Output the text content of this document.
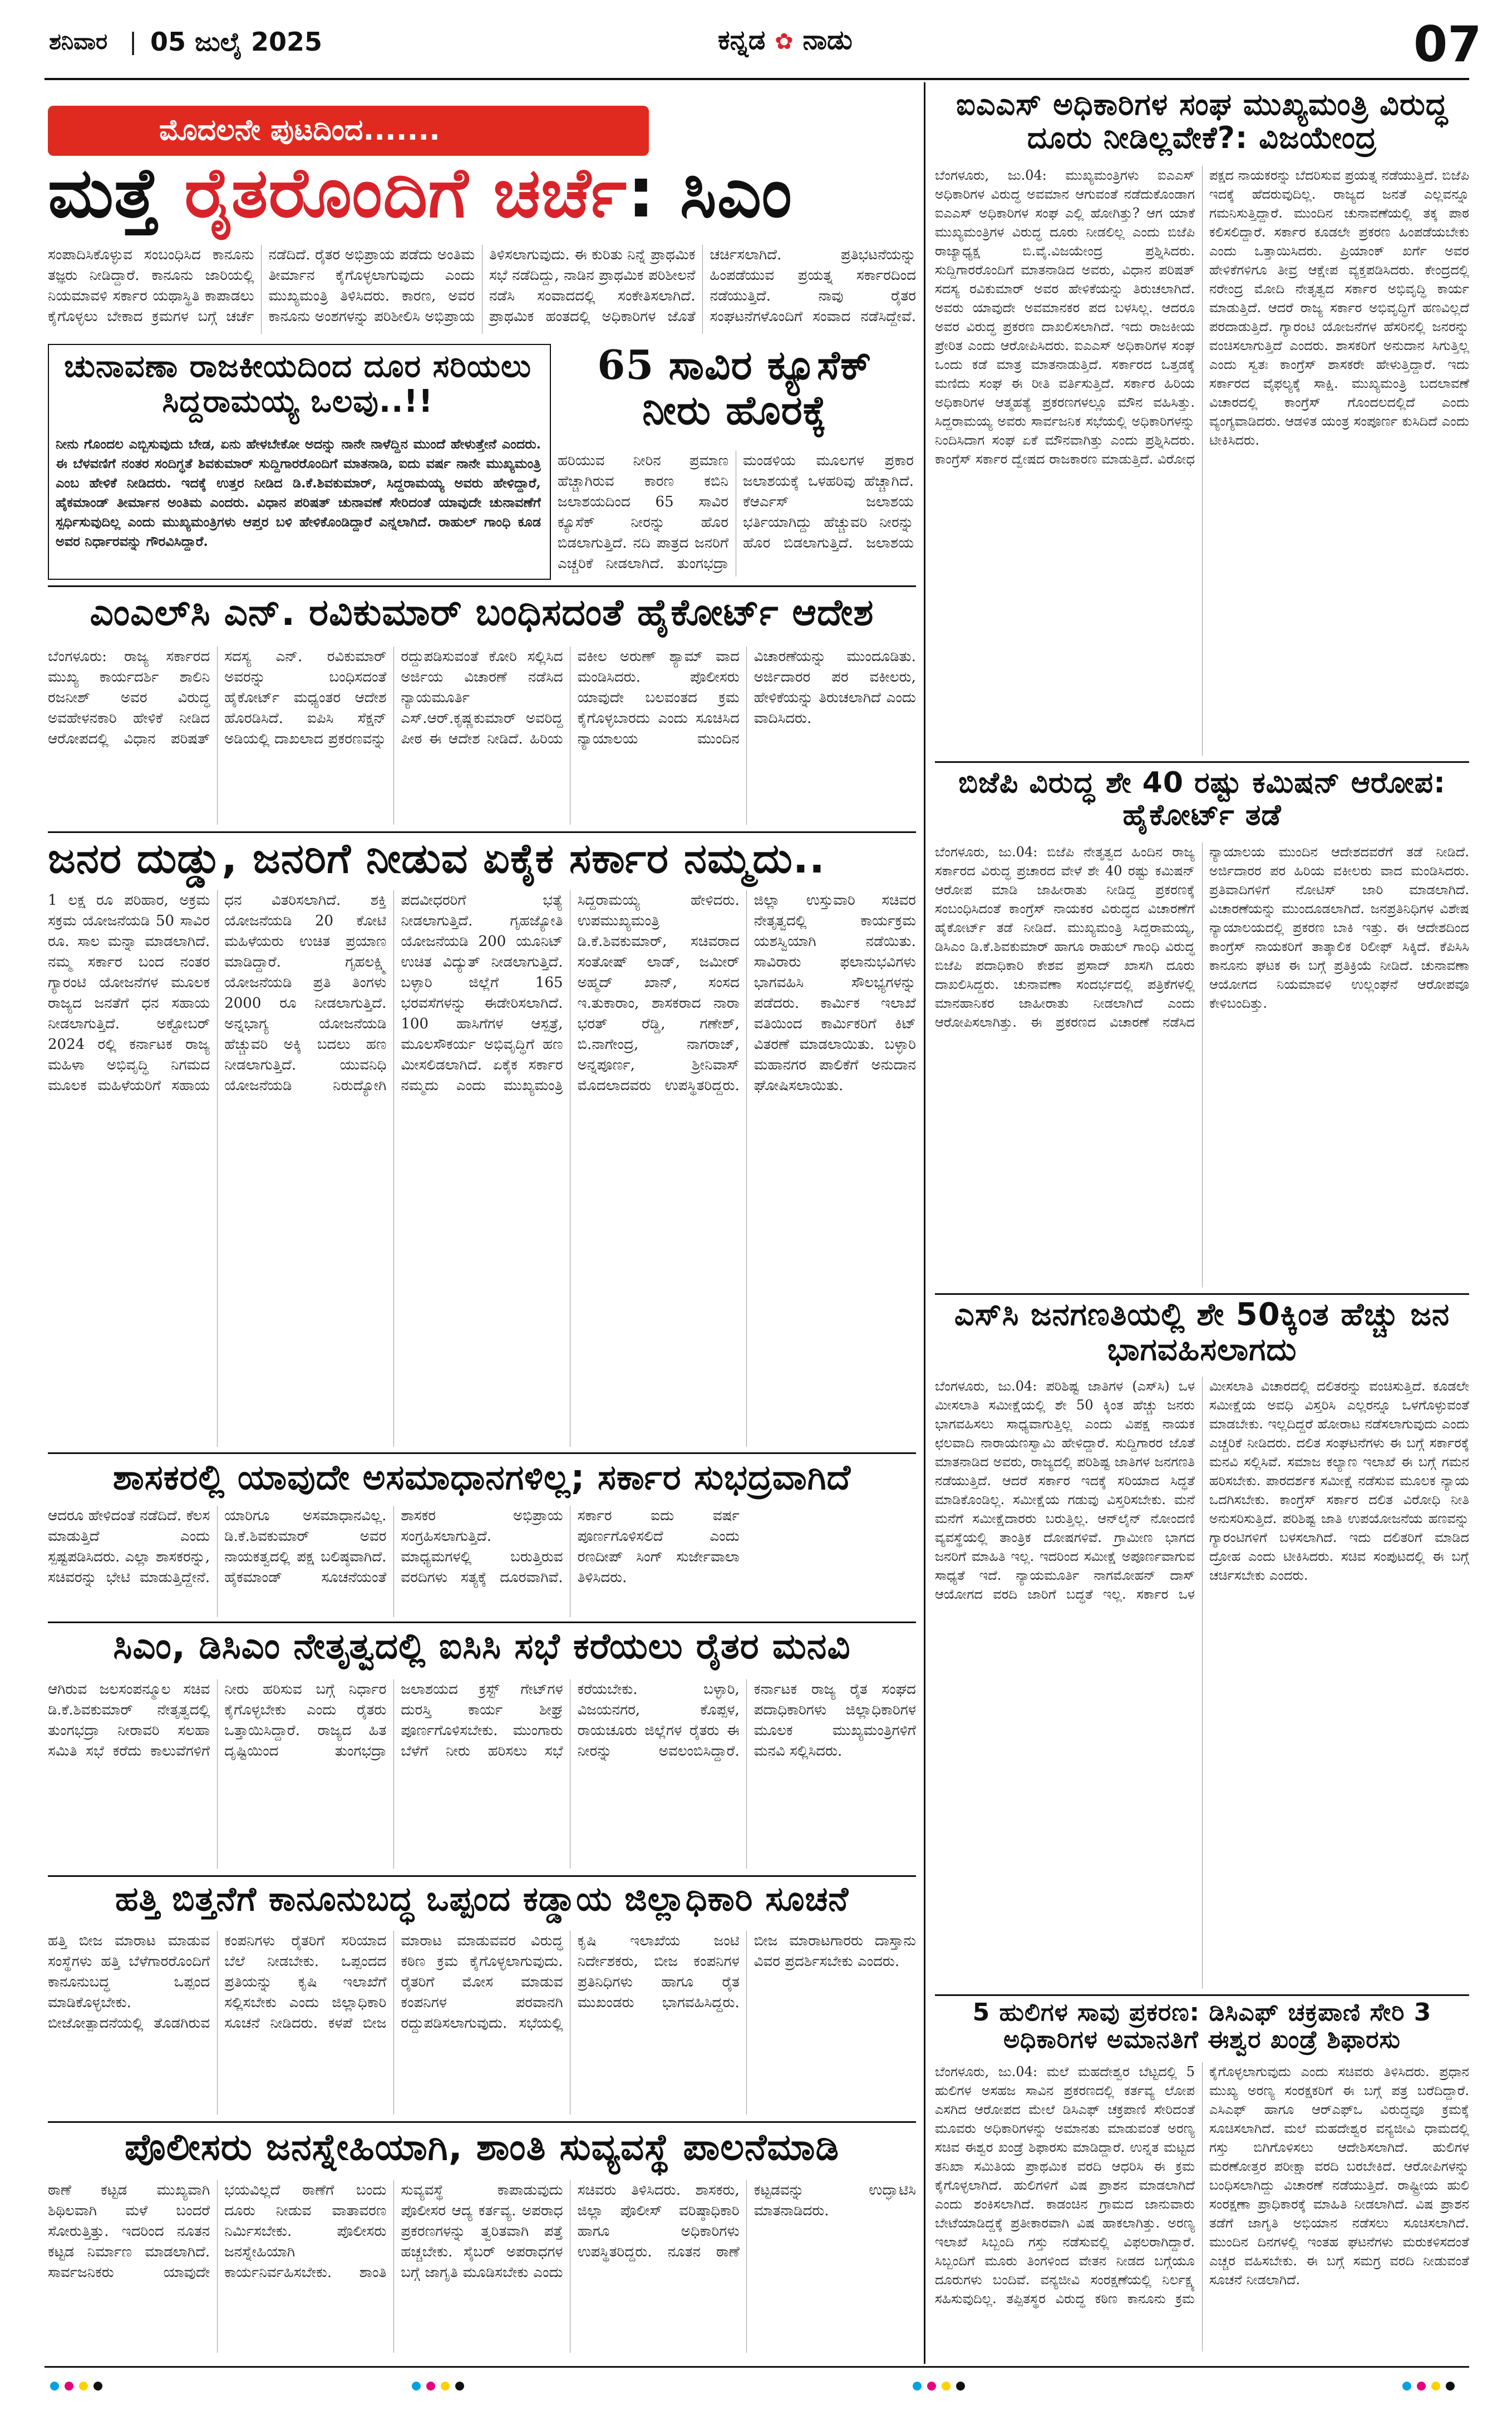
ಶನಿವಾರ | 05 ಜುಲೈ 2025	ಕನ್ನಡ ✿ ನಾಡು	07
ಮೊದಲನೇ ಪುಟದಿಂದ.......
ಮತ್ತೆ ರೈತರೊಂದಿಗೆ ಚರ್ಚೆ: ಸಿಎಂ
ಸಂಪಾದಿಸಿಕೊಳ್ಳುವ ಸಂಬಂಧಿಸಿದ ಕಾನೂನು ತಜ್ಞರು ನೀಡಿದ್ದಾರೆ. ಕಾನೂನು ಜಾರಿಯಲ್ಲಿ ನಿಯಮಾವಳಿ ಸರ್ಕಾರ ಯಥಾಸ್ಥಿತಿ ಕಾಪಾಡಲು ಕೈಗೊಳ್ಳಲು ಬೇಕಾದ ಕ್ರಮಗಳ ಬಗ್ಗೆ ಚರ್ಚೆ ನಡೆದಿದೆ. ರೈತರ ಅಭಿಪ್ರಾಯ ಪಡೆದು ಅಂತಿಮ ತೀರ್ಮಾನ ಕೈಗೊಳ್ಳಲಾಗುವುದು ಎಂದು ಮುಖ್ಯಮಂತ್ರಿ ತಿಳಿಸಿದರು. ಕಾರಣ, ಅವರ ಕಾನೂನು ಅಂಶಗಳನ್ನು ಪರಿಶೀಲಿಸಿ ಅಭಿಪ್ರಾಯ ತಿಳಿಸಲಾಗುವುದು. ಈ ಕುರಿತು ನಿನ್ನೆ ಪ್ರಾಥಮಿಕ ಸಭೆ ನಡೆದಿದ್ದು, ನಾಡಿನ ಪ್ರಾಥಮಿಕ ಪರಿಶೀಲನೆ ನಡೆಸಿ ಸಂವಾದದಲ್ಲಿ ಸಂಕೇತಿಸಲಾಗಿದೆ. ಪ್ರಾಥಮಿಕ ಹಂತದಲ್ಲಿ ಅಧಿಕಾರಿಗಳ ಜೊತೆ ಚರ್ಚಿಸಲಾಗಿದೆ. ಪ್ರತಿಭಟನೆಯನ್ನು ಹಿಂಪಡೆಯುವ ಪ್ರಯತ್ನ ಸರ್ಕಾರದಿಂದ ನಡೆಯುತ್ತಿದೆ. ನಾವು ರೈತರ ಸಂಘಟನೆಗಳೊಂದಿಗೆ ಸಂವಾದ ನಡೆಸಿದ್ದೇವೆ.
ಚುನಾವಣಾ ರಾಜಕೀಯದಿಂದ ದೂರ ಸರಿಯಲು ಸಿದ್ದರಾಮಯ್ಯ ಒಲವು..!!
ನೀನು ಗೊಂದಲ ಎಬ್ಬಿಸುವುದು ಬೇಡ, ಏನು ಹೇಳಬೇಕೋ ಅದನ್ನು ನಾನೇ ನಾಳೆದ್ದಿನ ಮುಂದೆ ಹೇಳುತ್ತೇನೆ ಎಂದರು. ಈ ಬೆಳವಣಿಗೆ ನಂತರ ಸಂದಿಗ್ಧತೆ ಶಿವಕುಮಾರ್ ಸುದ್ದಿಗಾರರೊಂದಿಗೆ ಮಾತನಾಡಿ, ಐದು ವರ್ಷ ನಾನೇ ಮುಖ್ಯಮಂತ್ರಿ ಎಂಬ ಹೇಳಿಕೆ ನೀಡಿದರು. ಇದಕ್ಕೆ ಉತ್ತರ ನೀಡಿದ ಡಿ.ಕೆ.ಶಿವಕುಮಾರ್, ಸಿದ್ದರಾಮಯ್ಯ ಅವರು ಹೇಳಿದ್ದಾರೆ, ಹೈಕಮಾಂಡ್ ತೀರ್ಮಾನ ಅಂತಿಮ ಎಂದರು. ವಿಧಾನ ಪರಿಷತ್ ಚುನಾವಣೆ ಸೇರಿದಂತೆ ಯಾವುದೇ ಚುನಾವಣೆಗೆ ಸ್ಪರ್ಧಿಸುವುದಿಲ್ಲ ಎಂದು ಮುಖ್ಯಮಂತ್ರಿಗಳು ಆಪ್ತರ ಬಳಿ ಹೇಳಿಕೊಂಡಿದ್ದಾರೆ ಎನ್ನಲಾಗಿದೆ. ರಾಹುಲ್ ಗಾಂಧಿ ಕೂಡ ಅವರ ನಿರ್ಧಾರವನ್ನು ಗೌರವಿಸಿದ್ದಾರೆ.
65 ಸಾವಿರ ಕ್ಯೂಸೆಕ್ ನೀರು ಹೊರಕ್ಕೆ
ಹರಿಯುವ ನೀರಿನ ಪ್ರಮಾಣ ಹೆಚ್ಚಾಗಿರುವ ಕಾರಣ ಕಬಿನಿ ಜಲಾಶಯದಿಂದ 65 ಸಾವಿರ ಕ್ಯೂಸೆಕ್ ನೀರನ್ನು ಹೊರ ಬಿಡಲಾಗುತ್ತಿದೆ. ನದಿ ಪಾತ್ರದ ಜನರಿಗೆ ಎಚ್ಚರಿಕೆ ನೀಡಲಾಗಿದೆ. ತುಂಗಭದ್ರಾ ಮಂಡಳಿಯ ಮೂಲಗಳ ಪ್ರಕಾರ ಜಲಾಶಯಕ್ಕೆ ಒಳಹರಿವು ಹೆಚ್ಚಾಗಿದೆ. ಕೆಆರ್ಎಸ್ ಜಲಾಶಯ ಭರ್ತಿಯಾಗಿದ್ದು ಹೆಚ್ಚುವರಿ ನೀರನ್ನು ಹೊರ ಬಿಡಲಾಗುತ್ತಿದೆ. ಜಲಾಶಯ
ಎಂಎಲ್‌ಸಿ ಎನ್. ರವಿಕುಮಾರ್ ಬಂಧಿಸದಂತೆ ಹೈಕೋರ್ಟ್ ಆದೇಶ
ಬೆಂಗಳೂರು: ರಾಜ್ಯ ಸರ್ಕಾರದ ಮುಖ್ಯ ಕಾರ್ಯದರ್ಶಿ ಶಾಲಿನಿ ರಜನೀಶ್ ಅವರ ವಿರುದ್ಧ ಅವಹೇಳನಕಾರಿ ಹೇಳಿಕೆ ನೀಡಿದ ಆರೋಪದಲ್ಲಿ ವಿಧಾನ ಪರಿಷತ್ ಸದಸ್ಯ ಎನ್. ರವಿಕುಮಾರ್ ಅವರನ್ನು ಬಂಧಿಸದಂತೆ ಹೈಕೋರ್ಟ್ ಮಧ್ಯಂತರ ಆದೇಶ ಹೊರಡಿಸಿದೆ. ಐಪಿಸಿ ಸೆಕ್ಷನ್ ಅಡಿಯಲ್ಲಿ ದಾಖಲಾದ ಪ್ರಕರಣವನ್ನು ರದ್ದುಪಡಿಸುವಂತೆ ಕೋರಿ ಸಲ್ಲಿಸಿದ ಅರ್ಜಿಯ ವಿಚಾರಣೆ ನಡೆಸಿದ ನ್ಯಾಯಮೂರ್ತಿ ಎಸ್.ಆರ್.ಕೃಷ್ಣಕುಮಾರ್ ಅವರಿದ್ದ ಪೀಠ ಈ ಆದೇಶ ನೀಡಿದೆ. ಹಿರಿಯ ವಕೀಲ ಅರುಣ್ ಶ್ಯಾಮ್ ವಾದ ಮಂಡಿಸಿದರು. ಪೊಲೀಸರು ಯಾವುದೇ ಬಲವಂತದ ಕ್ರಮ ಕೈಗೊಳ್ಳಬಾರದು ಎಂದು ಸೂಚಿಸಿದ ನ್ಯಾಯಾಲಯ ಮುಂದಿನ ವಿಚಾರಣೆಯನ್ನು ಮುಂದೂಡಿತು. ಅರ್ಜಿದಾರರ ಪರ ವಕೀಲರು, ಹೇಳಿಕೆಯನ್ನು ತಿರುಚಲಾಗಿದೆ ಎಂದು ವಾದಿಸಿದರು.
ಜನರ ದುಡ್ಡು, ಜನರಿಗೆ ನೀಡುವ ಏಕೈಕ ಸರ್ಕಾರ ನಮ್ಮದು..
1 ಲಕ್ಷ ರೂ ಪರಿಹಾರ, ಅಕ್ರಮ ಸಕ್ರಮ ಯೋಜನೆಯಡಿ 50 ಸಾವಿರ ರೂ. ಸಾಲ ಮನ್ನಾ ಮಾಡಲಾಗಿದೆ. ನಮ್ಮ ಸರ್ಕಾರ ಬಂದ ನಂತರ ಗ್ಯಾರಂಟಿ ಯೋಜನೆಗಳ ಮೂಲಕ ರಾಜ್ಯದ ಜನತೆಗೆ ಧನ ಸಹಾಯ ನೀಡಲಾಗುತ್ತಿದೆ. ಅಕ್ಟೋಬರ್ 2024 ರಲ್ಲಿ ಕರ್ನಾಟಕ ರಾಜ್ಯ ಮಹಿಳಾ ಅಭಿವೃದ್ಧಿ ನಿಗಮದ ಮೂಲಕ ಮಹಿಳೆಯರಿಗೆ ಸಹಾಯ ಧನ ವಿತರಿಸಲಾಗಿದೆ. ಶಕ್ತಿ ಯೋಜನೆಯಡಿ 20 ಕೋಟಿ ಮಹಿಳೆಯರು ಉಚಿತ ಪ್ರಯಾಣ ಮಾಡಿದ್ದಾರೆ. ಗೃಹಲಕ್ಷ್ಮಿ ಯೋಜನೆಯಡಿ ಪ್ರತಿ ತಿಂಗಳು 2000 ರೂ ನೀಡಲಾಗುತ್ತಿದೆ. ಅನ್ನಭಾಗ್ಯ ಯೋಜನೆಯಡಿ ಹೆಚ್ಚುವರಿ ಅಕ್ಕಿ ಬದಲು ಹಣ ನೀಡಲಾಗುತ್ತಿದೆ. ಯುವನಿಧಿ ಯೋಜನೆಯಡಿ ನಿರುದ್ಯೋಗಿ ಪದವೀಧರರಿಗೆ ಭತ್ಯೆ ನೀಡಲಾಗುತ್ತಿದೆ. ಗೃಹಜ್ಯೋತಿ ಯೋಜನೆಯಡಿ 200 ಯೂನಿಟ್ ಉಚಿತ ವಿದ್ಯುತ್ ನೀಡಲಾಗುತ್ತಿದೆ. ಬಳ್ಳಾರಿ ಜಿಲ್ಲೆಗೆ 165 ಭರವಸೆಗಳನ್ನು ಈಡೇರಿಸಲಾಗಿದೆ. 100 ಹಾಸಿಗೆಗಳ ಆಸ್ಪತ್ರೆ, ಮೂಲಸೌಕರ್ಯ ಅಭಿವೃದ್ಧಿಗೆ ಹಣ ಮೀಸಲಿಡಲಾಗಿದೆ. ಏಕೈಕ ಸರ್ಕಾರ ನಮ್ಮದು ಎಂದು ಮುಖ್ಯಮಂತ್ರಿ ಸಿದ್ದರಾಮಯ್ಯ ಹೇಳಿದರು. ಉಪಮುಖ್ಯಮಂತ್ರಿ ಡಿ.ಕೆ.ಶಿವಕುಮಾರ್, ಸಚಿವರಾದ ಸಂತೋಷ್ ಲಾಡ್, ಜಮೀರ್ ಅಹ್ಮದ್ ಖಾನ್, ಸಂಸದ ಇ.ತುಕಾರಾಂ, ಶಾಸಕರಾದ ನಾರಾ ಭರತ್ ರೆಡ್ಡಿ, ಗಣೇಶ್, ಬಿ.ನಾಗೇಂದ್ರ, ನಾಗರಾಜ್, ಅನ್ನಪೂರ್ಣ, ಶ್ರೀನಿವಾಸ್ ಮೊದಲಾದವರು ಉಪಸ್ಥಿತರಿದ್ದರು. ಜಿಲ್ಲಾ ಉಸ್ತುವಾರಿ ಸಚಿವರ ನೇತೃತ್ವದಲ್ಲಿ ಕಾರ್ಯಕ್ರಮ ಯಶಸ್ವಿಯಾಗಿ ನಡೆಯಿತು. ಸಾವಿರಾರು ಫಲಾನುಭವಿಗಳು ಭಾಗವಹಿಸಿ ಸೌಲಭ್ಯಗಳನ್ನು ಪಡೆದರು. ಕಾರ್ಮಿಕ ಇಲಾಖೆ ವತಿಯಿಂದ ಕಾರ್ಮಿಕರಿಗೆ ಕಿಟ್ ವಿತರಣೆ ಮಾಡಲಾಯಿತು. ಬಳ್ಳಾರಿ ಮಹಾನಗರ ಪಾಲಿಕೆಗೆ ಅನುದಾನ ಘೋಷಿಸಲಾಯಿತು.
ಶಾಸಕರಲ್ಲಿ ಯಾವುದೇ ಅಸಮಾಧಾನಗಳಿಲ್ಲ; ಸರ್ಕಾರ ಸುಭದ್ರವಾಗಿದೆ
ಆದರೂ ಹೇಳಿದಂತೆ ನಡೆದಿದೆ. ಕೆಲಸ ಮಾಡುತ್ತಿದೆ ಎಂದು ಸ್ಪಷ್ಟಪಡಿಸಿದರು. ಎಲ್ಲಾ ಶಾಸಕರನ್ನು, ಸಚಿವರನ್ನು ಭೇಟಿ ಮಾಡುತ್ತಿದ್ದೇನೆ. ಯಾರಿಗೂ ಅಸಮಾಧಾನವಿಲ್ಲ. ಡಿ.ಕೆ.ಶಿವಕುಮಾರ್ ಅವರ ನಾಯಕತ್ವದಲ್ಲಿ ಪಕ್ಷ ಬಲಿಷ್ಠವಾಗಿದೆ. ಹೈಕಮಾಂಡ್ ಸೂಚನೆಯಂತೆ ಶಾಸಕರ ಅಭಿಪ್ರಾಯ ಸಂಗ್ರಹಿಸಲಾಗುತ್ತಿದೆ. ಮಾಧ್ಯಮಗಳಲ್ಲಿ ಬರುತ್ತಿರುವ ವರದಿಗಳು ಸತ್ಯಕ್ಕೆ ದೂರವಾಗಿವೆ. ಸರ್ಕಾರ ಐದು ವರ್ಷ ಪೂರ್ಣಗೊಳಿಸಲಿದೆ ಎಂದು ರಣದೀಪ್ ಸಿಂಗ್ ಸುರ್ಜೇವಾಲಾ ತಿಳಿಸಿದರು.
ಸಿಎಂ, ಡಿಸಿಎಂ ನೇತೃತ್ವದಲ್ಲಿ ಐಸಿಸಿ ಸಭೆ ಕರೆಯಲು ರೈತರ ಮನವಿ
ಆಗಿರುವ ಜಲಸಂಪನ್ಮೂಲ ಸಚಿವ ಡಿ.ಕೆ.ಶಿವಕುಮಾರ್ ನೇತೃತ್ವದಲ್ಲಿ ತುಂಗಭದ್ರಾ ನೀರಾವರಿ ಸಲಹಾ ಸಮಿತಿ ಸಭೆ ಕರೆದು ಕಾಲುವೆಗಳಿಗೆ ನೀರು ಹರಿಸುವ ಬಗ್ಗೆ ನಿರ್ಧಾರ ಕೈಗೊಳ್ಳಬೇಕು ಎಂದು ರೈತರು ಒತ್ತಾಯಿಸಿದ್ದಾರೆ. ರಾಜ್ಯದ ಹಿತ ದೃಷ್ಟಿಯಿಂದ ತುಂಗಭದ್ರಾ ಜಲಾಶಯದ ಕ್ರಸ್ಟ್ ಗೇಟ್‌ಗಳ ದುರಸ್ತಿ ಕಾರ್ಯ ಶೀಘ್ರ ಪೂರ್ಣಗೊಳಿಸಬೇಕು. ಮುಂಗಾರು ಬೆಳೆಗೆ ನೀರು ಹರಿಸಲು ಸಭೆ ಕರೆಯಬೇಕು. ಬಳ್ಳಾರಿ, ವಿಜಯನಗರ, ಕೊಪ್ಪಳ, ರಾಯಚೂರು ಜಿಲ್ಲೆಗಳ ರೈತರು ಈ ನೀರನ್ನು ಅವಲಂಬಿಸಿದ್ದಾರೆ. ಕರ್ನಾಟಕ ರಾಜ್ಯ ರೈತ ಸಂಘದ ಪದಾಧಿಕಾರಿಗಳು ಜಿಲ್ಲಾಧಿಕಾರಿಗಳ ಮೂಲಕ ಮುಖ್ಯಮಂತ್ರಿಗಳಿಗೆ ಮನವಿ ಸಲ್ಲಿಸಿದರು.
ಹತ್ತಿ ಬಿತ್ತನೆಗೆ ಕಾನೂನುಬದ್ಧ ಒಪ್ಪಂದ ಕಡ್ಡಾಯ ಜಿಲ್ಲಾಧಿಕಾರಿ ಸೂಚನೆ
ಹತ್ತಿ ಬೀಜ ಮಾರಾಟ ಮಾಡುವ ಸಂಸ್ಥೆಗಳು ಹತ್ತಿ ಬೆಳೆಗಾರರೊಂದಿಗೆ ಕಾನೂನುಬದ್ಧ ಒಪ್ಪಂದ ಮಾಡಿಕೊಳ್ಳಬೇಕು. ಬೀಜೋತ್ಪಾದನೆಯಲ್ಲಿ ತೊಡಗಿರುವ ಕಂಪನಿಗಳು ರೈತರಿಗೆ ಸರಿಯಾದ ಬೆಲೆ ನೀಡಬೇಕು. ಒಪ್ಪಂದದ ಪ್ರತಿಯನ್ನು ಕೃಷಿ ಇಲಾಖೆಗೆ ಸಲ್ಲಿಸಬೇಕು ಎಂದು ಜಿಲ್ಲಾಧಿಕಾರಿ ಸೂಚನೆ ನೀಡಿದರು. ಕಳಪೆ ಬೀಜ ಮಾರಾಟ ಮಾಡುವವರ ವಿರುದ್ಧ ಕಠಿಣ ಕ್ರಮ ಕೈಗೊಳ್ಳಲಾಗುವುದು. ರೈತರಿಗೆ ಮೋಸ ಮಾಡುವ ಕಂಪನಿಗಳ ಪರವಾನಗಿ ರದ್ದುಪಡಿಸಲಾಗುವುದು. ಸಭೆಯಲ್ಲಿ ಕೃಷಿ ಇಲಾಖೆಯ ಜಂಟಿ ನಿರ್ದೇಶಕರು, ಬೀಜ ಕಂಪನಿಗಳ ಪ್ರತಿನಿಧಿಗಳು ಹಾಗೂ ರೈತ ಮುಖಂಡರು ಭಾಗವಹಿಸಿದ್ದರು. ಬೀಜ ಮಾರಾಟಗಾರರು ದಾಸ್ತಾನು ವಿವರ ಪ್ರದರ್ಶಿಸಬೇಕು ಎಂದರು.
ಪೊಲೀಸರು ಜನಸ್ನೇಹಿಯಾಗಿ, ಶಾಂತಿ ಸುವ್ಯವಸ್ಥೆ ಪಾಲನೆಮಾಡಿ
ಠಾಣೆ ಕಟ್ಟಡ ಮುಖ್ಯವಾಗಿ ಶಿಥಿಲವಾಗಿ ಮಳೆ ಬಂದರೆ ಸೋರುತ್ತಿತ್ತು. ಇದರಿಂದ ನೂತನ ಕಟ್ಟಡ ನಿರ್ಮಾಣ ಮಾಡಲಾಗಿದೆ. ಸಾರ್ವಜನಿಕರು ಯಾವುದೇ ಭಯವಿಲ್ಲದೆ ಠಾಣೆಗೆ ಬಂದು ದೂರು ನೀಡುವ ವಾತಾವರಣ ನಿರ್ಮಿಸಬೇಕು. ಪೊಲೀಸರು ಜನಸ್ನೇಹಿಯಾಗಿ ಕಾರ್ಯನಿರ್ವಹಿಸಬೇಕು. ಶಾಂತಿ ಸುವ್ಯವಸ್ಥೆ ಕಾಪಾಡುವುದು ಪೊಲೀಸರ ಆದ್ಯ ಕರ್ತವ್ಯ. ಅಪರಾಧ ಪ್ರಕರಣಗಳನ್ನು ತ್ವರಿತವಾಗಿ ಪತ್ತೆ ಹಚ್ಚಬೇಕು. ಸೈಬರ್ ಅಪರಾಧಗಳ ಬಗ್ಗೆ ಜಾಗೃತಿ ಮೂಡಿಸಬೇಕು ಎಂದು ಸಚಿವರು ತಿಳಿಸಿದರು. ಶಾಸಕರು, ಜಿಲ್ಲಾ ಪೊಲೀಸ್ ವರಿಷ್ಠಾಧಿಕಾರಿ ಹಾಗೂ ಅಧಿಕಾರಿಗಳು ಉಪಸ್ಥಿತರಿದ್ದರು. ನೂತನ ಠಾಣೆ ಕಟ್ಟಡವನ್ನು ಉದ್ಘಾಟಿಸಿ ಮಾತನಾಡಿದರು.
ಐಎಎಸ್ ಅಧಿಕಾರಿಗಳ ಸಂಘ ಮುಖ್ಯಮಂತ್ರಿ ವಿರುದ್ಧ ದೂರು ನೀಡಿಲ್ಲವೇಕೆ?: ವಿಜಯೇಂದ್ರ
ಬೆಂಗಳೂರು, ಜು.04: ಮುಖ್ಯಮಂತ್ರಿಗಳು ಐಎಎಸ್ ಅಧಿಕಾರಿಗಳ ವಿರುದ್ಧ ಅವಮಾನ ಆಗುವಂತೆ ನಡೆದುಕೊಂಡಾಗ ಐಎಎಸ್ ಅಧಿಕಾರಿಗಳ ಸಂಘ ಎಲ್ಲಿ ಹೋಗಿತ್ತು? ಆಗ ಯಾಕೆ ಮುಖ್ಯಮಂತ್ರಿಗಳ ವಿರುದ್ಧ ದೂರು ನೀಡಲಿಲ್ಲ ಎಂದು ಬಿಜೆಪಿ ರಾಜ್ಯಾಧ್ಯಕ್ಷ ಬಿ.ವೈ.ವಿಜಯೇಂದ್ರ ಪ್ರಶ್ನಿಸಿದರು. ಸುದ್ದಿಗಾರರೊಂದಿಗೆ ಮಾತನಾಡಿದ ಅವರು, ವಿಧಾನ ಪರಿಷತ್ ಸದಸ್ಯ ರವಿಕುಮಾರ್ ಅವರ ಹೇಳಿಕೆಯನ್ನು ತಿರುಚಲಾಗಿದೆ. ಅವರು ಯಾವುದೇ ಅವಮಾನಕರ ಪದ ಬಳಸಿಲ್ಲ. ಆದರೂ ಅವರ ವಿರುದ್ಧ ಪ್ರಕರಣ ದಾಖಲಿಸಲಾಗಿದೆ. ಇದು ರಾಜಕೀಯ ಪ್ರೇರಿತ ಎಂದು ಆರೋಪಿಸಿದರು. ಐಎಎಸ್ ಅಧಿಕಾರಿಗಳ ಸಂಘ ಒಂದು ಕಡೆ ಮಾತ್ರ ಮಾತನಾಡುತ್ತಿದೆ. ಸರ್ಕಾರದ ಒತ್ತಡಕ್ಕೆ ಮಣಿದು ಸಂಘ ಈ ರೀತಿ ವರ್ತಿಸುತ್ತಿದೆ. ಸರ್ಕಾರ ಹಿರಿಯ ಅಧಿಕಾರಿಗಳ ಆತ್ಮಹತ್ಯೆ ಪ್ರಕರಣಗಳಲ್ಲೂ ಮೌನ ವಹಿಸಿತ್ತು. ಸಿದ್ದರಾಮಯ್ಯ ಅವರು ಸಾರ್ವಜನಿಕ ಸಭೆಯಲ್ಲಿ ಅಧಿಕಾರಿಗಳನ್ನು ನಿಂದಿಸಿದಾಗ ಸಂಘ ಏಕೆ ಮೌನವಾಗಿತ್ತು ಎಂದು ಪ್ರಶ್ನಿಸಿದರು. ಕಾಂಗ್ರೆಸ್ ಸರ್ಕಾರ ದ್ವೇಷದ ರಾಜಕಾರಣ ಮಾಡುತ್ತಿದೆ. ವಿರೋಧ ಪಕ್ಷದ ನಾಯಕರನ್ನು ಬೆದರಿಸುವ ಪ್ರಯತ್ನ ನಡೆಯುತ್ತಿದೆ. ಬಿಜೆಪಿ ಇದಕ್ಕೆ ಹೆದರುವುದಿಲ್ಲ. ರಾಜ್ಯದ ಜನತೆ ಎಲ್ಲವನ್ನೂ ಗಮನಿಸುತ್ತಿದ್ದಾರೆ. ಮುಂದಿನ ಚುನಾವಣೆಯಲ್ಲಿ ತಕ್ಕ ಪಾಠ ಕಲಿಸಲಿದ್ದಾರೆ. ಸರ್ಕಾರ ಕೂಡಲೇ ಪ್ರಕರಣ ಹಿಂಪಡೆಯಬೇಕು ಎಂದು ಒತ್ತಾಯಿಸಿದರು. ಪ್ರಿಯಾಂಕ್ ಖರ್ಗೆ ಅವರ ಹೇಳಿಕೆಗಳಿಗೂ ತೀವ್ರ ಆಕ್ಷೇಪ ವ್ಯಕ್ತಪಡಿಸಿದರು. ಕೇಂದ್ರದಲ್ಲಿ ನರೇಂದ್ರ ಮೋದಿ ನೇತೃತ್ವದ ಸರ್ಕಾರ ಅಭಿವೃದ್ಧಿ ಕಾರ್ಯ ಮಾಡುತ್ತಿದೆ. ಆದರೆ ರಾಜ್ಯ ಸರ್ಕಾರ ಅಭಿವೃದ್ಧಿಗೆ ಹಣವಿಲ್ಲದೆ ಪರದಾಡುತ್ತಿದೆ. ಗ್ಯಾರಂಟಿ ಯೋಜನೆಗಳ ಹೆಸರಿನಲ್ಲಿ ಜನರನ್ನು ವಂಚಿಸಲಾಗುತ್ತಿದೆ ಎಂದರು. ಶಾಸಕರಿಗೆ ಅನುದಾನ ಸಿಗುತ್ತಿಲ್ಲ ಎಂದು ಸ್ವತಃ ಕಾಂಗ್ರೆಸ್ ಶಾಸಕರೇ ಹೇಳುತ್ತಿದ್ದಾರೆ. ಇದು ಸರ್ಕಾರದ ವೈಫಲ್ಯಕ್ಕೆ ಸಾಕ್ಷಿ. ಮುಖ್ಯಮಂತ್ರಿ ಬದಲಾವಣೆ ವಿಚಾರದಲ್ಲಿ ಕಾಂಗ್ರೆಸ್ ಗೊಂದಲದಲ್ಲಿದೆ ಎಂದು ವ್ಯಂಗ್ಯವಾಡಿದರು. ಆಡಳಿತ ಯಂತ್ರ ಸಂಪೂರ್ಣ ಕುಸಿದಿದೆ ಎಂದು ಟೀಕಿಸಿದರು.
ಬಿಜೆಪಿ ವಿರುದ್ಧ ಶೇ 40 ರಷ್ಟು ಕಮಿಷನ್ ಆರೋಪ: ಹೈಕೋರ್ಟ್ ತಡೆ
ಬೆಂಗಳೂರು, ಜು.04: ಬಿಜೆಪಿ ನೇತೃತ್ವದ ಹಿಂದಿನ ರಾಜ್ಯ ಸರ್ಕಾರದ ವಿರುದ್ಧ ಪ್ರಚಾರದ ವೇಳೆ ಶೇ 40 ರಷ್ಟು ಕಮಿಷನ್ ಆರೋಪ ಮಾಡಿ ಜಾಹೀರಾತು ನೀಡಿದ್ದ ಪ್ರಕರಣಕ್ಕೆ ಸಂಬಂಧಿಸಿದಂತೆ ಕಾಂಗ್ರೆಸ್ ನಾಯಕರ ವಿರುದ್ಧದ ವಿಚಾರಣೆಗೆ ಹೈಕೋರ್ಟ್ ತಡೆ ನೀಡಿದೆ. ಮುಖ್ಯಮಂತ್ರಿ ಸಿದ್ದರಾಮಯ್ಯ, ಡಿಸಿಎಂ ಡಿ.ಕೆ.ಶಿವಕುಮಾರ್ ಹಾಗೂ ರಾಹುಲ್ ಗಾಂಧಿ ವಿರುದ್ಧ ಬಿಜೆಪಿ ಪದಾಧಿಕಾರಿ ಕೇಶವ ಪ್ರಸಾದ್ ಖಾಸಗಿ ದೂರು ದಾಖಲಿಸಿದ್ದರು. ಚುನಾವಣಾ ಸಂದರ್ಭದಲ್ಲಿ ಪತ್ರಿಕೆಗಳಲ್ಲಿ ಮಾನಹಾನಿಕರ ಜಾಹೀರಾತು ನೀಡಲಾಗಿದೆ ಎಂದು ಆರೋಪಿಸಲಾಗಿತ್ತು. ಈ ಪ್ರಕರಣದ ವಿಚಾರಣೆ ನಡೆಸಿದ ನ್ಯಾಯಾಲಯ ಮುಂದಿನ ಆದೇಶದವರೆಗೆ ತಡೆ ನೀಡಿದೆ. ಅರ್ಜಿದಾರರ ಪರ ಹಿರಿಯ ವಕೀಲರು ವಾದ ಮಂಡಿಸಿದರು. ಪ್ರತಿವಾದಿಗಳಿಗೆ ನೋಟಿಸ್ ಜಾರಿ ಮಾಡಲಾಗಿದೆ. ವಿಚಾರಣೆಯನ್ನು ಮುಂದೂಡಲಾಗಿದೆ. ಜನಪ್ರತಿನಿಧಿಗಳ ವಿಶೇಷ ನ್ಯಾಯಾಲಯದಲ್ಲಿ ಪ್ರಕರಣ ಬಾಕಿ ಇತ್ತು. ಈ ಆದೇಶದಿಂದ ಕಾಂಗ್ರೆಸ್ ನಾಯಕರಿಗೆ ತಾತ್ಕಾಲಿಕ ರಿಲೀಫ್ ಸಿಕ್ಕಿದೆ. ಕೆಪಿಸಿಸಿ ಕಾನೂನು ಘಟಕ ಈ ಬಗ್ಗೆ ಪ್ರತಿಕ್ರಿಯೆ ನೀಡಿದೆ. ಚುನಾವಣಾ ಆಯೋಗದ ನಿಯಮಾವಳಿ ಉಲ್ಲಂಘನೆ ಆರೋಪವೂ ಕೇಳಿಬಂದಿತ್ತು.
ಎಸ್‌ಸಿ ಜನಗಣತಿಯಲ್ಲಿ ಶೇ 50ಕ್ಕಿಂತ ಹೆಚ್ಚು ಜನ ಭಾಗವಹಿಸಲಾಗದು
ಬೆಂಗಳೂರು, ಜು.04: ಪರಿಶಿಷ್ಟ ಜಾತಿಗಳ (ಎಸ್‌ಸಿ) ಒಳ ಮೀಸಲಾತಿ ಸಮೀಕ್ಷೆಯಲ್ಲಿ ಶೇ 50 ಕ್ಕಿಂತ ಹೆಚ್ಚು ಜನರು ಭಾಗವಹಿಸಲು ಸಾಧ್ಯವಾಗುತ್ತಿಲ್ಲ ಎಂದು ವಿಪಕ್ಷ ನಾಯಕ ಛಲವಾದಿ ನಾರಾಯಣಸ್ವಾಮಿ ಹೇಳಿದ್ದಾರೆ. ಸುದ್ದಿಗಾರರ ಜೊತೆ ಮಾತನಾಡಿದ ಅವರು, ರಾಜ್ಯದಲ್ಲಿ ಪರಿಶಿಷ್ಟ ಜಾತಿಗಳ ಜನಗಣತಿ ನಡೆಯುತ್ತಿದೆ. ಆದರೆ ಸರ್ಕಾರ ಇದಕ್ಕೆ ಸರಿಯಾದ ಸಿದ್ಧತೆ ಮಾಡಿಕೊಂಡಿಲ್ಲ. ಸಮೀಕ್ಷೆಯ ಗಡುವು ವಿಸ್ತರಿಸಬೇಕು. ಮನೆ ಮನೆಗೆ ಸಮೀಕ್ಷೆದಾರರು ಬರುತ್ತಿಲ್ಲ. ಆನ್‌ಲೈನ್ ನೋಂದಣಿ ವ್ಯವಸ್ಥೆಯಲ್ಲಿ ತಾಂತ್ರಿಕ ದೋಷಗಳಿವೆ. ಗ್ರಾಮೀಣ ಭಾಗದ ಜನರಿಗೆ ಮಾಹಿತಿ ಇಲ್ಲ. ಇದರಿಂದ ಸಮೀಕ್ಷೆ ಅಪೂರ್ಣವಾಗುವ ಸಾಧ್ಯತೆ ಇದೆ. ನ್ಯಾಯಮೂರ್ತಿ ನಾಗಮೋಹನ್ ದಾಸ್ ಆಯೋಗದ ವರದಿ ಜಾರಿಗೆ ಬದ್ಧತೆ ಇಲ್ಲ. ಸರ್ಕಾರ ಒಳ ಮೀಸಲಾತಿ ವಿಚಾರದಲ್ಲಿ ದಲಿತರನ್ನು ವಂಚಿಸುತ್ತಿದೆ. ಕೂಡಲೇ ಸಮೀಕ್ಷೆಯ ಅವಧಿ ವಿಸ್ತರಿಸಿ ಎಲ್ಲರನ್ನೂ ಒಳಗೊಳ್ಳುವಂತೆ ಮಾಡಬೇಕು. ಇಲ್ಲದಿದ್ದರೆ ಹೋರಾಟ ನಡೆಸಲಾಗುವುದು ಎಂದು ಎಚ್ಚರಿಕೆ ನೀಡಿದರು. ದಲಿತ ಸಂಘಟನೆಗಳು ಈ ಬಗ್ಗೆ ಸರ್ಕಾರಕ್ಕೆ ಮನವಿ ಸಲ್ಲಿಸಿವೆ. ಸಮಾಜ ಕಲ್ಯಾಣ ಇಲಾಖೆ ಈ ಬಗ್ಗೆ ಗಮನ ಹರಿಸಬೇಕು. ಪಾರದರ್ಶಕ ಸಮೀಕ್ಷೆ ನಡೆಸುವ ಮೂಲಕ ನ್ಯಾಯ ಒದಗಿಸಬೇಕು. ಕಾಂಗ್ರೆಸ್ ಸರ್ಕಾರ ದಲಿತ ವಿರೋಧಿ ನೀತಿ ಅನುಸರಿಸುತ್ತಿದೆ. ಪರಿಶಿಷ್ಟ ಜಾತಿ ಉಪಯೋಜನೆಯ ಹಣವನ್ನು ಗ್ಯಾರಂಟಿಗಳಿಗೆ ಬಳಸಲಾಗಿದೆ. ಇದು ದಲಿತರಿಗೆ ಮಾಡಿದ ದ್ರೋಹ ಎಂದು ಟೀಕಿಸಿದರು. ಸಚಿವ ಸಂಪುಟದಲ್ಲಿ ಈ ಬಗ್ಗೆ ಚರ್ಚಿಸಬೇಕು ಎಂದರು.
5 ಹುಲಿಗಳ ಸಾವು ಪ್ರಕರಣ: ಡಿಸಿಎಫ್ ಚಕ್ರಪಾಣಿ ಸೇರಿ 3 ಅಧಿಕಾರಿಗಳ ಅಮಾನತಿಗೆ ಈಶ್ವರ ಖಂಡ್ರೆ ಶಿಫಾರಸು
ಬೆಂಗಳೂರು, ಜು.04: ಮಲೆ ಮಹದೇಶ್ವರ ಬೆಟ್ಟದಲ್ಲಿ 5 ಹುಲಿಗಳ ಅಸಹಜ ಸಾವಿನ ಪ್ರಕರಣದಲ್ಲಿ ಕರ್ತವ್ಯ ಲೋಪ ಎಸಗಿದ ಆರೋಪದ ಮೇಲೆ ಡಿಸಿಎಫ್ ಚಕ್ರಪಾಣಿ ಸೇರಿದಂತೆ ಮೂವರು ಅಧಿಕಾರಿಗಳನ್ನು ಅಮಾನತು ಮಾಡುವಂತೆ ಅರಣ್ಯ ಸಚಿವ ಈಶ್ವರ ಖಂಡ್ರೆ ಶಿಫಾರಸು ಮಾಡಿದ್ದಾರೆ. ಉನ್ನತ ಮಟ್ಟದ ತನಿಖಾ ಸಮಿತಿಯ ಪ್ರಾಥಮಿಕ ವರದಿ ಆಧರಿಸಿ ಈ ಕ್ರಮ ಕೈಗೊಳ್ಳಲಾಗಿದೆ. ಹುಲಿಗಳಿಗೆ ವಿಷ ಪ್ರಾಶನ ಮಾಡಲಾಗಿದೆ ಎಂದು ಶಂಕಿಸಲಾಗಿದೆ. ಕಾಡಂಚಿನ ಗ್ರಾಮದ ಜಾನುವಾರು ಬೇಟೆಯಾಡಿದ್ದಕ್ಕೆ ಪ್ರತೀಕಾರವಾಗಿ ವಿಷ ಹಾಕಲಾಗಿತ್ತು. ಅರಣ್ಯ ಇಲಾಖೆ ಸಿಬ್ಬಂದಿ ಗಸ್ತು ನಡೆಸುವಲ್ಲಿ ವಿಫಲರಾಗಿದ್ದಾರೆ. ಸಿಬ್ಬಂದಿಗೆ ಮೂರು ತಿಂಗಳಿಂದ ವೇತನ ನೀಡದ ಬಗ್ಗೆಯೂ ದೂರುಗಳು ಬಂದಿವೆ. ವನ್ಯಜೀವಿ ಸಂರಕ್ಷಣೆಯಲ್ಲಿ ನಿರ್ಲಕ್ಷ್ಯ ಸಹಿಸುವುದಿಲ್ಲ. ತಪ್ಪಿತಸ್ಥರ ವಿರುದ್ಧ ಕಠಿಣ ಕಾನೂನು ಕ್ರಮ ಕೈಗೊಳ್ಳಲಾಗುವುದು ಎಂದು ಸಚಿವರು ತಿಳಿಸಿದರು. ಪ್ರಧಾನ ಮುಖ್ಯ ಅರಣ್ಯ ಸಂರಕ್ಷಕರಿಗೆ ಈ ಬಗ್ಗೆ ಪತ್ರ ಬರೆದಿದ್ದಾರೆ. ಎಸಿಎಫ್ ಹಾಗೂ ಆರ್‌ಎಫ್‌ಒ ವಿರುದ್ಧವೂ ಕ್ರಮಕ್ಕೆ ಸೂಚಿಸಲಾಗಿದೆ. ಮಲೆ ಮಹದೇಶ್ವರ ವನ್ಯಜೀವಿ ಧಾಮದಲ್ಲಿ ಗಸ್ತು ಬಿಗಿಗೊಳಿಸಲು ಆದೇಶಿಸಲಾಗಿದೆ. ಹುಲಿಗಳ ಮರಣೋತ್ತರ ಪರೀಕ್ಷಾ ವರದಿ ಬರಬೇಕಿದೆ. ಆರೋಪಿಗಳನ್ನು ಬಂಧಿಸಲಾಗಿದ್ದು ವಿಚಾರಣೆ ನಡೆಯುತ್ತಿದೆ. ರಾಷ್ಟ್ರೀಯ ಹುಲಿ ಸಂರಕ್ಷಣಾ ಪ್ರಾಧಿಕಾರಕ್ಕೆ ಮಾಹಿತಿ ನೀಡಲಾಗಿದೆ. ವಿಷ ಪ್ರಾಶನ ತಡೆಗೆ ಜಾಗೃತಿ ಅಭಿಯಾನ ನಡೆಸಲು ಸೂಚಿಸಲಾಗಿದೆ. ಮುಂದಿನ ದಿನಗಳಲ್ಲಿ ಇಂತಹ ಘಟನೆಗಳು ಮರುಕಳಿಸದಂತೆ ಎಚ್ಚರ ವಹಿಸಬೇಕು. ಈ ಬಗ್ಗೆ ಸಮಗ್ರ ವರದಿ ನೀಡುವಂತೆ ಸೂಚನೆ ನೀಡಲಾಗಿದೆ.
